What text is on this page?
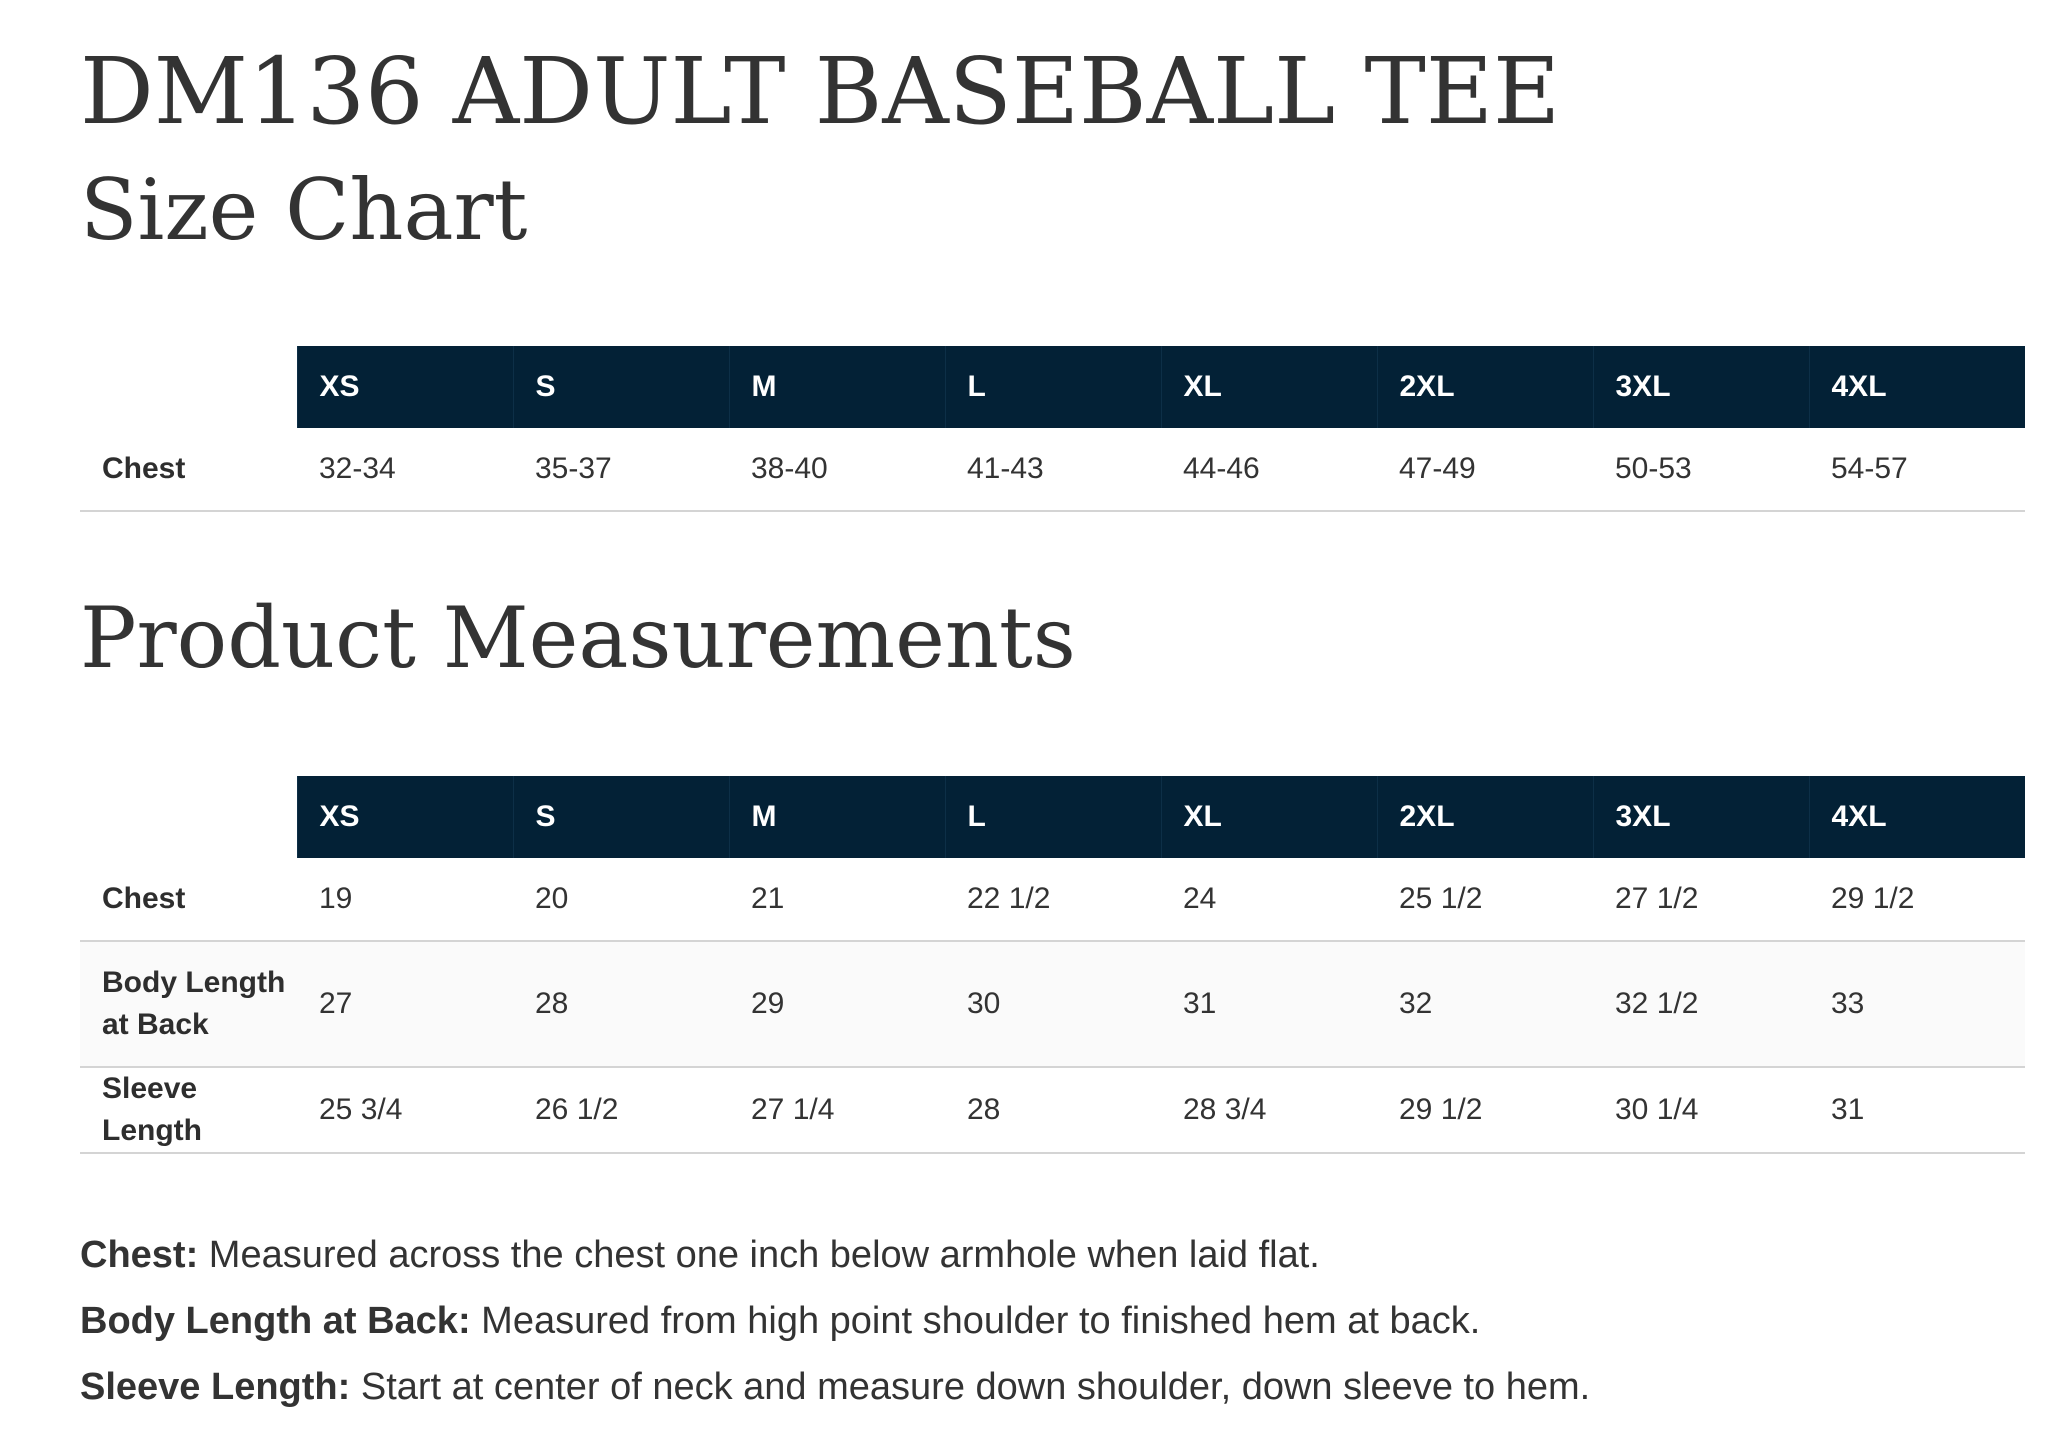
DM136 ADULT BASEBALL TEE
Size Chart
	XS	S	M	L	XL	2XL	3XL	4XL
Chest	32-34	35-37	38-40	41-43	44-46	47-49	50-53	54-57
Product Measurements
	XS	S	M	L	XL	2XL	3XL	4XL
Chest	19	20	21	22 1/2	24	25 1/2	27 1/2	29 1/2
Body Length at Back	27	28	29	30	31	32	32 1/2	33
Sleeve Length	25 3/4	26 1/2	27 1/4	28	28 3/4	29 1/2	30 1/4	31
Chest: Measured across the chest one inch below armhole when laid flat.
Body Length at Back: Measured from high point shoulder to finished hem at back.
Sleeve Length: Start at center of neck and measure down shoulder, down sleeve to hem.
